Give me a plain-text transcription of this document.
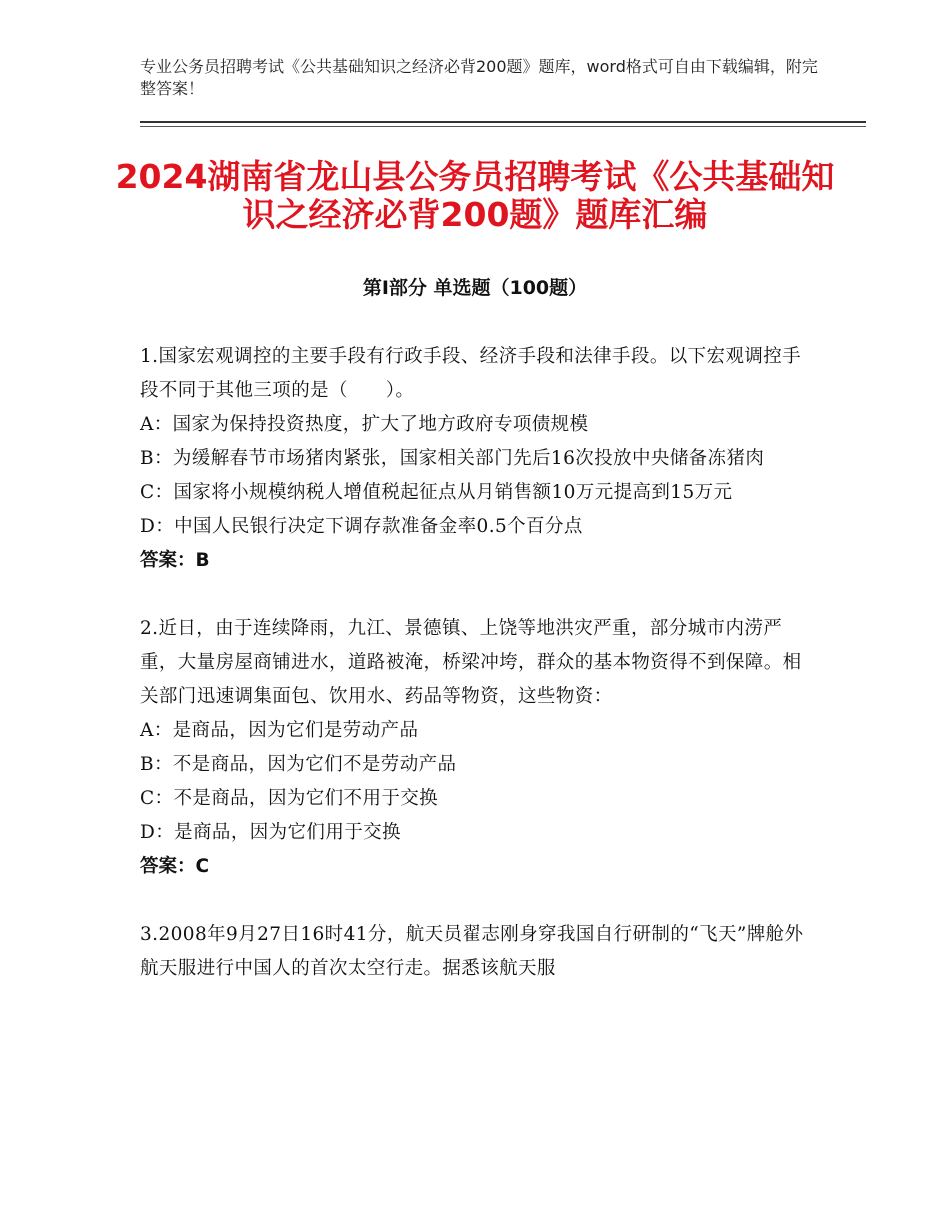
专业公务员招聘考试《公共基础知识之经济必背200题》题库，word格式可自由下载编辑，附完整答案！
2024湖南省龙山县公务员招聘考试《公共基础知识之经济必背200题》题库汇编
第Ⅰ部分 单选题（100题）

1.国家宏观调控的主要手段有行政手段、经济手段和法律手段。以下宏观调控手段不同于其他三项的是（　　）。

A：国家为保持投资热度，扩大了地方政府专项债规模

B：为缓解春节市场猪肉紧张，国家相关部门先后16次投放中央储备冻猪肉

C：国家将小规模纳税人增值税起征点从月销售额10万元提高到15万元

D：中国人民银行决定下调存款准备金率0.5个百分点

答案：B

2.近日，由于连续降雨，九江、景德镇、上饶等地洪灾严重，部分城市内涝严重，大量房屋商铺进水，道路被淹，桥梁冲垮，群众的基本物资得不到保障。相关部门迅速调集面包、饮用水、药品等物资，这些物资：

A：是商品，因为它们是劳动产品

B：不是商品，因为它们不是劳动产品

C：不是商品，因为它们不用于交换

D：是商品，因为它们用于交换

答案：C

3.2008年9月27日16时41分，航天员翟志刚身穿我国自行研制的“飞天”牌舱外航天服进行中国人的首次太空行走。据悉该航天服
